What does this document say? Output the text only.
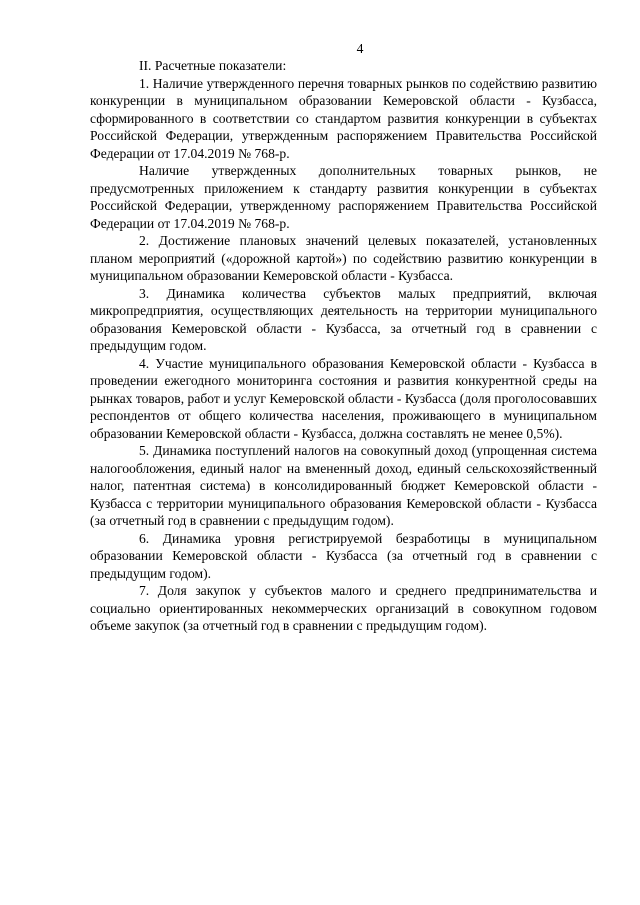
4

II. Расчетные показатели:

1. Наличие утвержденного перечня товарных рынков по содействию развитию конкуренции в муниципальном образовании Кемеровской области - Кузбасса, сформированного в соответствии со стандартом развития конкуренции в субъектах Российской Федерации, утвержденным распоряжением Правительства Российской Федерации от 17.04.2019 № 768-р.

Наличие утвержденных дополнительных товарных рынков, не предусмотренных приложением к стандарту развития конкуренции в субъектах Российской Федерации, утвержденному распоряжением Правительства Российской Федерации от 17.04.2019 № 768-р.

2. Достижение плановых значений целевых показателей, установленных планом мероприятий («дорожной картой») по содействию развитию конкуренции в муниципальном образовании Кемеровской области - Кузбасса.

3. Динамика количества субъектов малых предприятий, включая микропредприятия, осуществляющих деятельность на территории муниципального образования Кемеровской области - Кузбасса, за отчетный год в сравнении с предыдущим годом.

4. Участие муниципального образования Кемеровской области - Кузбасса в проведении ежегодного мониторинга состояния и развития конкурентной среды на рынках товаров, работ и услуг Кемеровской области - Кузбасса (доля проголосовавших респондентов от общего количества населения, проживающего в муниципальном образовании Кемеровской области - Кузбасса, должна составлять не менее 0,5%).

5. Динамика поступлений налогов на совокупный доход (упрощенная система налогообложения, единый налог на вмененный доход, единый сельскохозяйственный налог, патентная система) в консолидированный бюджет Кемеровской области - Кузбасса с территории муниципального образования Кемеровской области - Кузбасса (за отчетный год в сравнении с предыдущим годом).

6. Динамика уровня регистрируемой безработицы в муниципальном образовании Кемеровской области - Кузбасса (за отчетный год в сравнении с предыдущим годом).

7. Доля закупок у субъектов малого и среднего предпринимательства и социально ориентированных некоммерческих организаций в совокупном годовом объеме закупок (за отчетный год в сравнении с предыдущим годом).
